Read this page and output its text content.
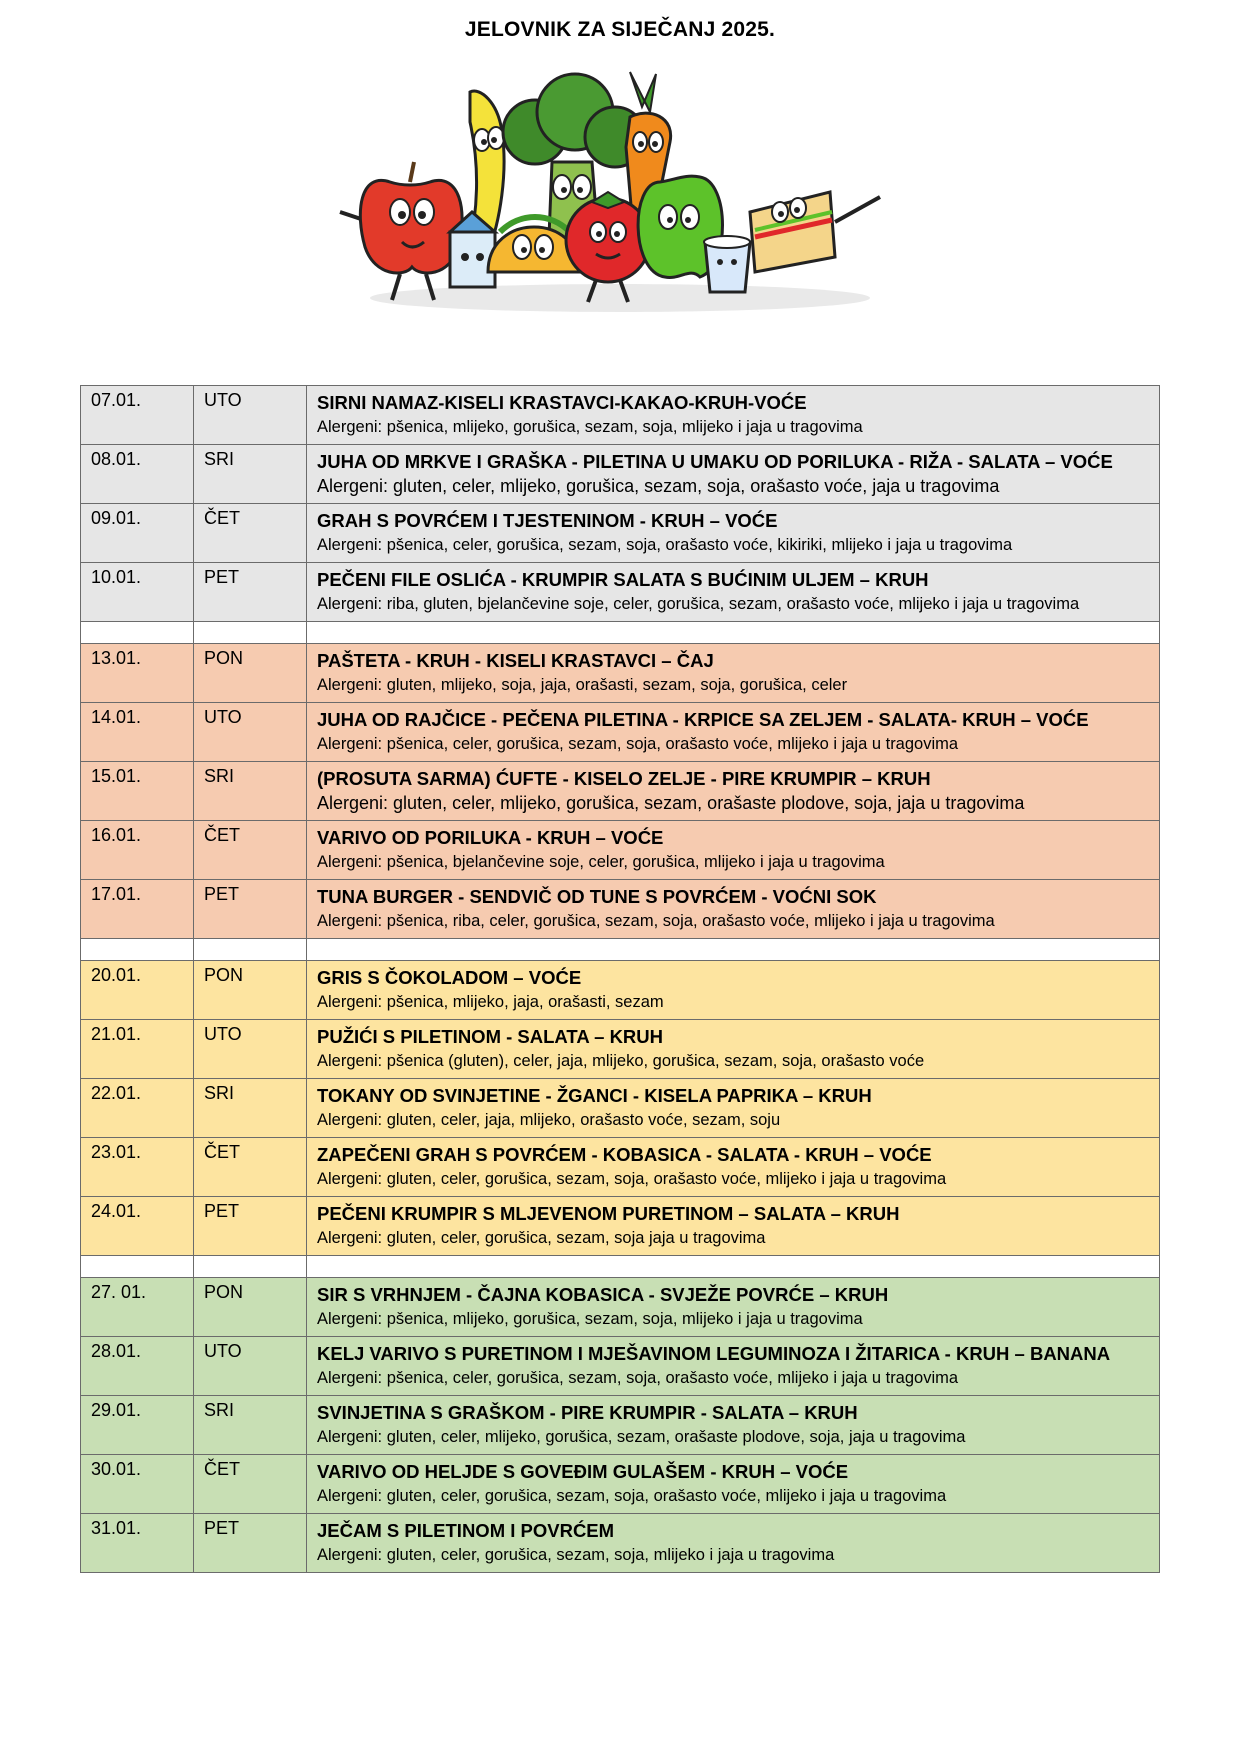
JELOVNIK ZA SIJEČANJ 2025.
07.01.	UTO	SIRNI NAMAZ-KISELI KRASTAVCI-KAKAO-KRUH-VOĆE
Alergeni: pšenica, mlijeko, gorušica, sezam, soja, mlijeko i jaja u tragovima

08.01.	SRI	JUHA OD MRKVE I GRAŠKA - PILETINA U UMAKU OD PORILUKA - RIŽA - SALATA – VOĆE
Alergeni: gluten, celer, mlijeko, gorušica, sezam, soja, orašasto voće, jaja u tragovima

09.01.	ČET	GRAH S POVRĆEM I TJESTENINOM - KRUH – VOĆE
Alergeni: pšenica, celer, gorušica, sezam, soja, orašasto voće, kikiriki, mlijeko i jaja u tragovima

10.01.	PET	PEČENI FILE OSLIĆA - KRUMPIR SALATA S BUĆINIM ULJEM – KRUH
Alergeni: riba, gluten, bjelančevine soje, celer, gorušica, sezam, orašasto voće, mlijeko i jaja u tragovima

13.01.	PON	PAŠTETA - KRUH - KISELI KRASTAVCI – ČAJ
Alergeni: gluten, mlijeko, soja, jaja, orašasti, sezam, soja, gorušica, celer

14.01.	UTO	JUHA OD RAJČICE - PEČENA PILETINA - KRPICE SA ZELJEM - SALATA- KRUH – VOĆE
Alergeni: pšenica, celer, gorušica, sezam, soja, orašasto voće, mlijeko i jaja u tragovima

15.01.	SRI	(PROSUTA SARMA) ĆUFTE - KISELO ZELJE - PIRE KRUMPIR – KRUH
Alergeni: gluten, celer, mlijeko, gorušica, sezam, orašaste plodove, soja, jaja u tragovima

16.01.	ČET	VARIVO OD PORILUKA - KRUH – VOĆE
Alergeni: pšenica, bjelančevine soje, celer, gorušica, mlijeko i jaja u tragovima

17.01.	PET	TUNA BURGER - SENDVIČ OD TUNE S POVRĆEM - VOĆNI SOK
Alergeni: pšenica, riba, celer, gorušica, sezam, soja, orašasto voće, mlijeko i jaja u tragovima

20.01.	PON	GRIS S ČOKOLADOM – VOĆE
Alergeni: pšenica, mlijeko, jaja, orašasti, sezam

21.01.	UTO	PUŽIĆI S PILETINOM - SALATA – KRUH
Alergeni: pšenica (gluten), celer, jaja, mlijeko, gorušica, sezam, soja, orašasto voće

22.01.	SRI	TOKANY OD SVINJETINE - ŽGANCI - KISELA PAPRIKA – KRUH
Alergeni: gluten, celer, jaja, mlijeko, orašasto voće, sezam, soju

23.01.	ČET	ZAPEČENI GRAH S POVRĆEM - KOBASICA - SALATA - KRUH – VOĆE
Alergeni: gluten, celer, gorušica, sezam, soja, orašasto voće, mlijeko i jaja u tragovima

24.01.	PET	PEČENI KRUMPIR S MLJEVENOM PURETINOM – SALATA – KRUH
Alergeni: gluten, celer, gorušica, sezam, soja jaja u tragovima

27. 01.	PON	SIR S VRHNJEM - ČAJNA KOBASICA - SVJEŽE POVRĆE – KRUH
Alergeni: pšenica, mlijeko, gorušica, sezam, soja, mlijeko i jaja u tragovima

28.01.	UTO	KELJ VARIVO S PURETINOM I MJEŠAVINOM LEGUMINOZA I ŽITARICA - KRUH – BANANA
Alergeni: pšenica, celer, gorušica, sezam, soja, orašasto voće, mlijeko i jaja u tragovima

29.01.	SRI	SVINJETINA S GRAŠKOM - PIRE KRUMPIR - SALATA – KRUH
Alergeni: gluten, celer, mlijeko, gorušica, sezam, orašaste plodove, soja, jaja u tragovima

30.01.	ČET	VARIVO OD HELJDE S GOVEĐIM GULAŠEM - KRUH – VOĆE
Alergeni: gluten, celer, gorušica, sezam, soja, orašasto voće, mlijeko i jaja u tragovima

31.01.	PET	JEČAM S PILETINOM I POVRĆEM
Alergeni: gluten, celer, gorušica, sezam, soja, mlijeko i jaja u tragovima
